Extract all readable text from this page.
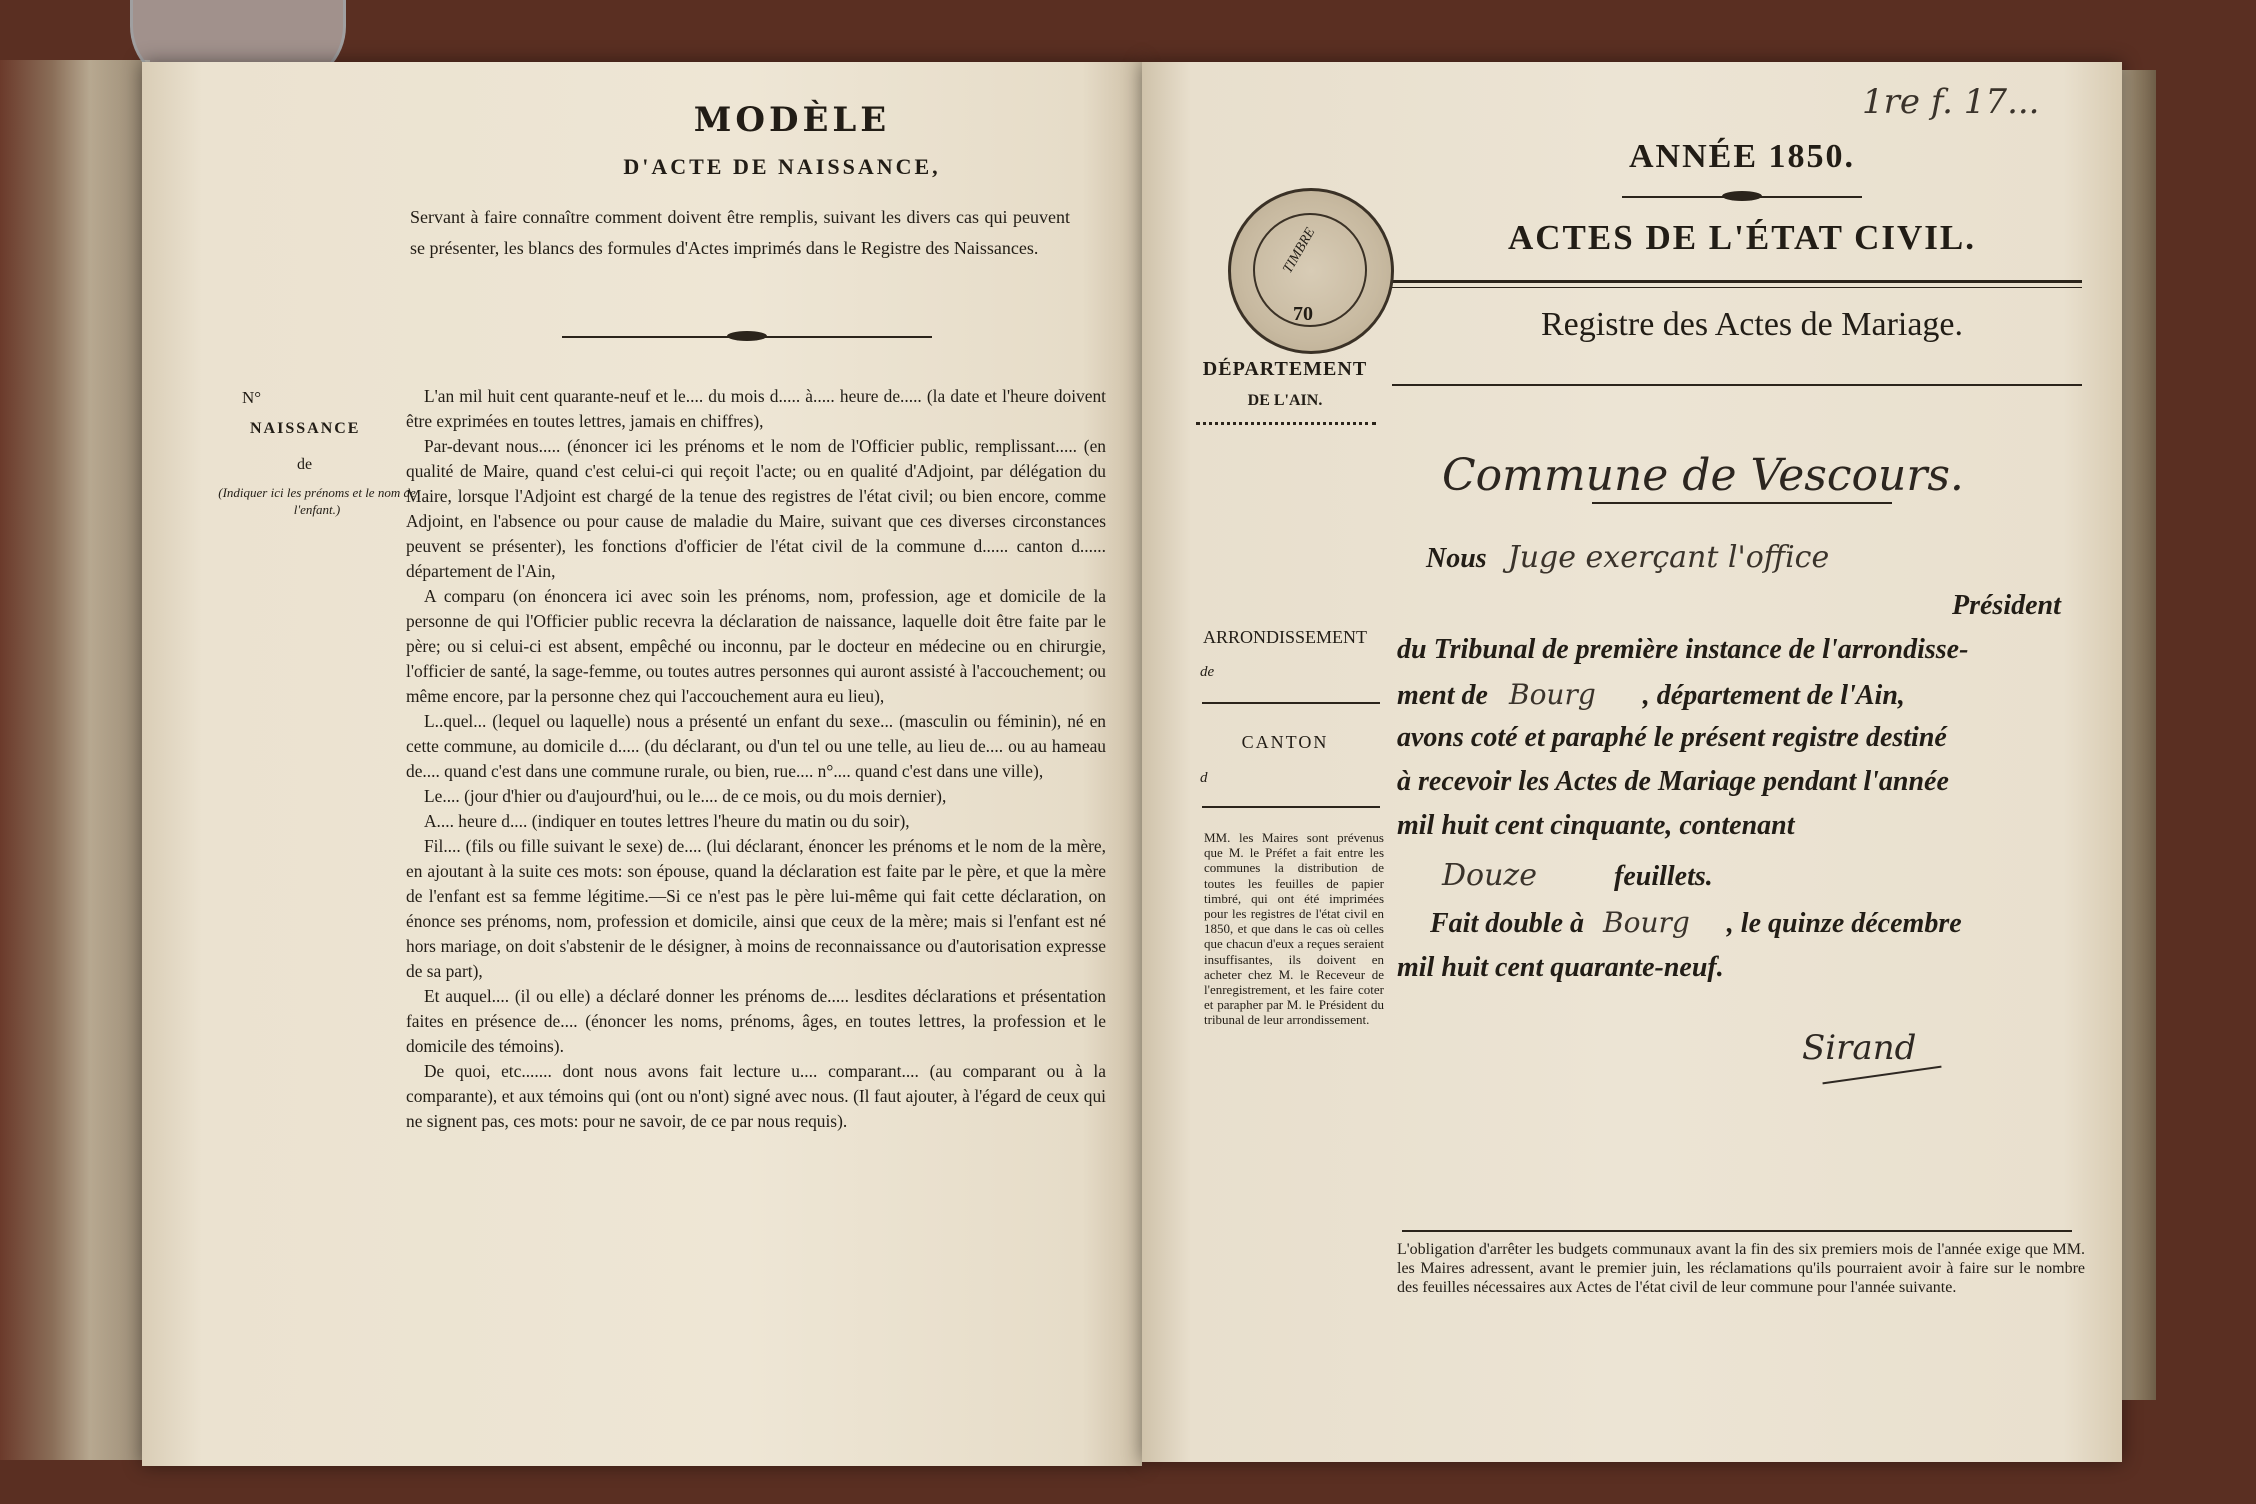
MODÈLE
D'ACTE DE NAISSANCE,
Servant à faire connaître comment doivent être remplis, suivant les divers cas qui peuvent se présenter, les blancs des formules d'Actes imprimés dans le Registre des Naissances.
N°
NAISSANCE
de
(Indiquer ici les prénoms et le nom de l'enfant.)

L'an mil huit cent quarante-neuf et le.... du mois d..... à..... heure de..... (la date et l'heure doivent être exprimées en toutes lettres, jamais en chiffres),

Par-devant nous..... (énoncer ici les prénoms et le nom de l'Officier public, remplissant..... (en qualité de Maire, quand c'est celui-ci qui reçoit l'acte; ou en qualité d'Adjoint, par délégation du Maire, lorsque l'Adjoint est chargé de la tenue des registres de l'état civil; ou bien encore, comme Adjoint, en l'absence ou pour cause de maladie du Maire, suivant que ces diverses circonstances peuvent se présenter), les fonctions d'officier de l'état civil de la commune d...... canton d...... département de l'Ain,

A comparu (on énoncera ici avec soin les prénoms, nom, profession, age et domicile de la personne de qui l'Officier public recevra la déclaration de naissance, laquelle doit être faite par le père; ou si celui-ci est absent, empêché ou inconnu, par le docteur en médecine ou en chirurgie, l'officier de santé, la sage-femme, ou toutes autres personnes qui auront assisté à l'accouchement; ou même encore, par la personne chez qui l'accouchement aura eu lieu),

L..quel... (lequel ou laquelle) nous a présenté un enfant du sexe... (masculin ou féminin), né en cette commune, au domicile d..... (du déclarant, ou d'un tel ou une telle, au lieu de.... ou au hameau de.... quand c'est dans une commune rurale, ou bien, rue.... n°.... quand c'est dans une ville),

Le.... (jour d'hier ou d'aujourd'hui, ou le.... de ce mois, ou du mois dernier),

A.... heure d.... (indiquer en toutes lettres l'heure du matin ou du soir),

Fil.... (fils ou fille suivant le sexe) de.... (lui déclarant, énoncer les prénoms et le nom de la mère, en ajoutant à la suite ces mots: son épouse, quand la déclaration est faite par le père, et que la mère de l'enfant est sa femme légitime.—Si ce n'est pas le père lui-même qui fait cette déclaration, on énonce ses prénoms, nom, profession et domicile, ainsi que ceux de la mère; mais si l'enfant est né hors mariage, on doit s'abstenir de le désigner, à moins de reconnaissance ou d'autorisation expresse de sa part),

Et auquel.... (il ou elle) a déclaré donner les prénoms de..... lesdites déclarations et présentation faites en présence de.... (énoncer les noms, prénoms, âges, en toutes lettres, la profession et le domicile des témoins).

De quoi, etc....... dont nous avons fait lecture u.... comparant.... (au comparant ou à la comparante), et aux témoins qui (ont ou n'ont) signé avec nous. (Il faut ajouter, à l'égard de ceux qui ne signent pas, ces mots: pour ne savoir, de ce par nous requis).

1re f. 17...
ANNÉE 1850.
ACTES DE L'ÉTAT CIVIL.
Registre des Actes de Mariage.
TIMBRE
70
DÉPARTEMENT
DE L'AIN.
Commune de Vescours.
ARRONDISSEMENT
de
CANTON
d
MM. les Maires sont prévenus que M. le Préfet a fait entre les communes la distribution de toutes les feuilles de papier timbré, qui ont été imprimées pour les registres de l'état civil en 1850, et que dans le cas où celles que chacun d'eux a reçues seraient insuffisantes, ils doivent en acheter chez M. le Receveur de l'enregistrement, et les faire coter et parapher par M. le Président du tribunal de leur arrondissement.
Nous Juge exerçant l'office
Président
du Tribunal de première instance de l'arrondisse-
ment de Bourg , département de l'Ain,
avons coté et paraphé le présent registre destiné
à recevoir les Actes de Mariage pendant l'année
mil huit cent cinquante, contenant
Douze	feuillets.
Fait double à Bourg , le quinze décembre
mil huit cent quarante-neuf.
Sirand
L'obligation d'arrêter les budgets communaux avant la fin des six premiers mois de l'année exige que MM. les Maires adressent, avant le premier juin, les réclamations qu'ils pourraient avoir à faire sur le nombre des feuilles nécessaires aux Actes de l'état civil de leur commune pour l'année suivante.
